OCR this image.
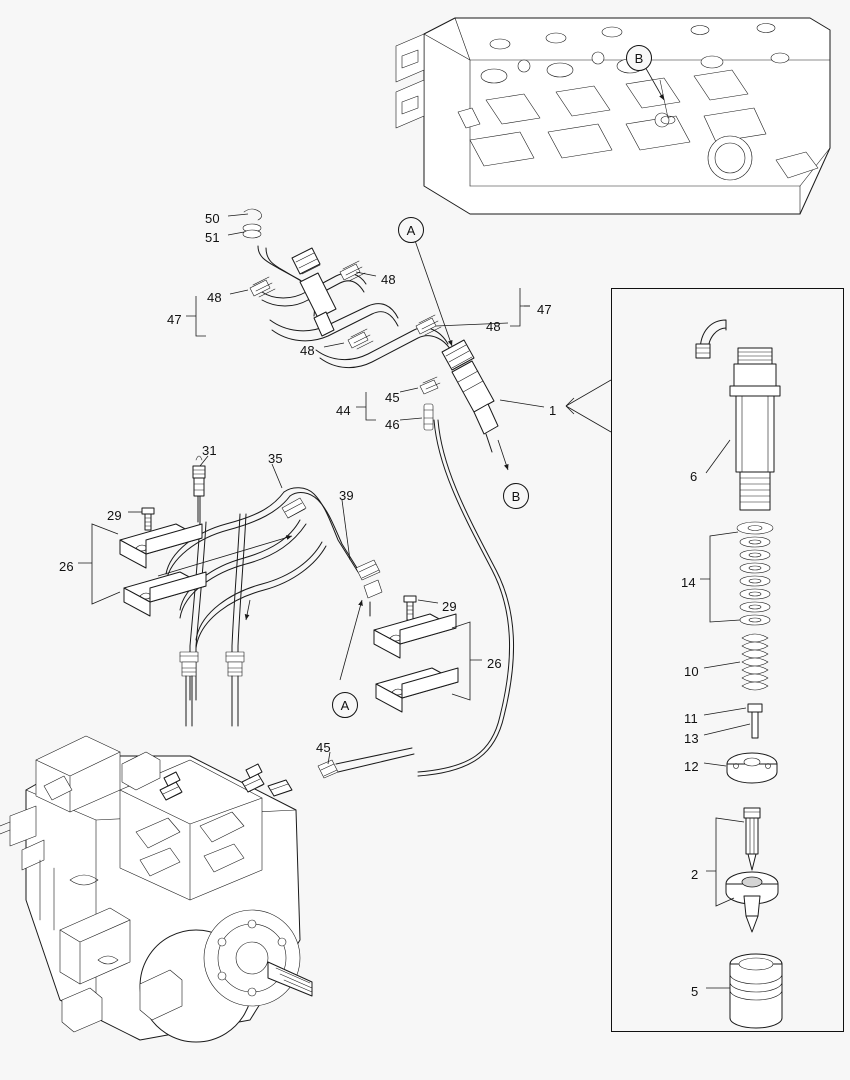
50
51
48
48
47
47	48
48
45
44	1
46
31
6
35
39
29
26
14
29
26
10
11
13
12
45
2
5
A
B
B
A
